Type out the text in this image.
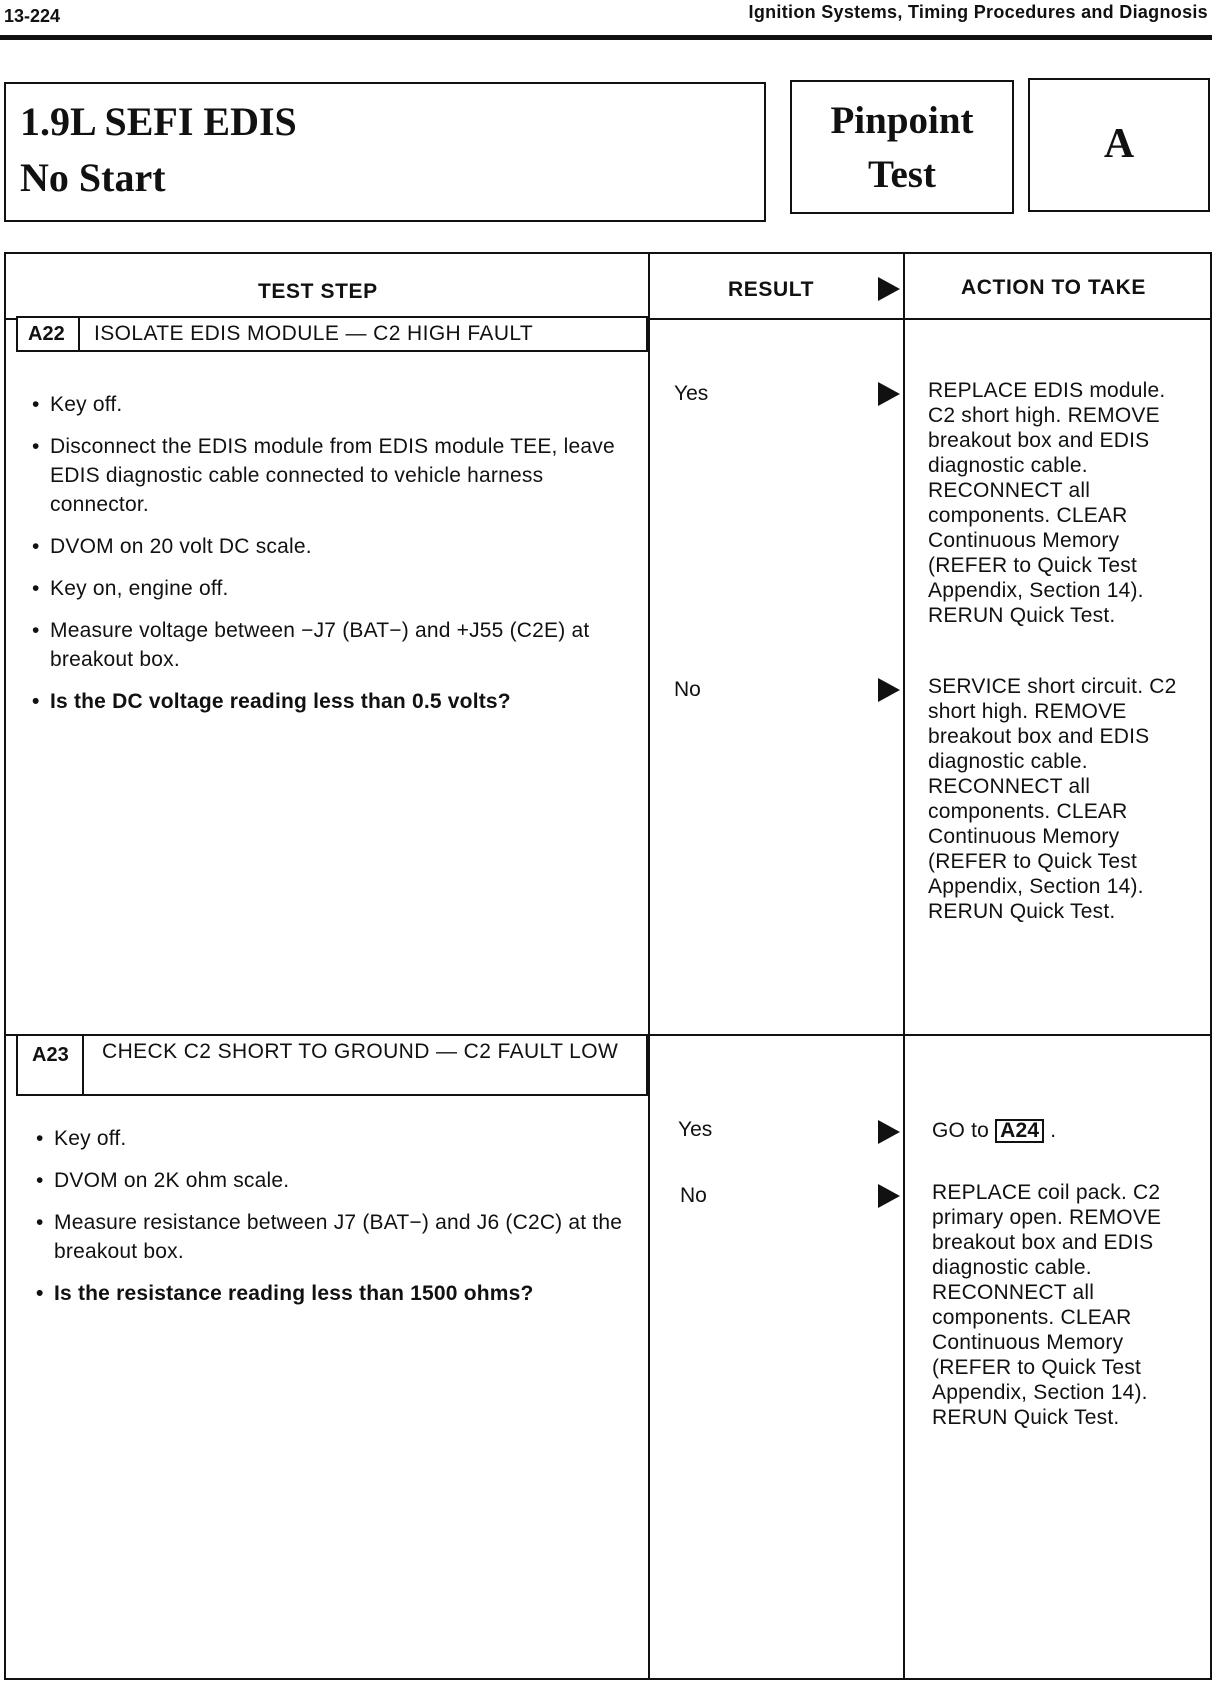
13-224	Ignition Systems, Timing Procedures and Diagnosis
1.9L SEFI EDIS
No Start
Pinpoint
Test
A
TEST STEP	RESULT	ACTION TO TAKE
A22 ISOLATE EDIS MODULE — C2 HIGH FAULT
• Key off.
• Disconnect the EDIS module from EDIS module TEE, leave EDIS diagnostic cable connected to vehicle harness connector.
• DVOM on 20 volt DC scale.
• Key on, engine off.
• Measure voltage between −J7 (BAT−) and +J55 (C2E) at breakout box.
• Is the DC voltage reading less than 0.5 volts?
Yes	REPLACE EDIS module. C2 short high. REMOVE breakout box and EDIS diagnostic cable. RECONNECT all components. CLEAR Continuous Memory (REFER to Quick Test Appendix, Section 14). RERUN Quick Test.
No	SERVICE short circuit. C2 short high. REMOVE breakout box and EDIS diagnostic cable. RECONNECT all components. CLEAR Continuous Memory (REFER to Quick Test Appendix, Section 14). RERUN Quick Test.
A23 CHECK C2 SHORT TO GROUND — C2 FAULT LOW
• Key off.
• DVOM on 2K ohm scale.
• Measure resistance between J7 (BAT−) and J6 (C2C) at the breakout box.
• Is the resistance reading less than 1500 ohms?
Yes	GO to A24 .
No	REPLACE coil pack. C2 primary open. REMOVE breakout box and EDIS diagnostic cable. RECONNECT all components. CLEAR Continuous Memory (REFER to Quick Test Appendix, Section 14). RERUN Quick Test.
